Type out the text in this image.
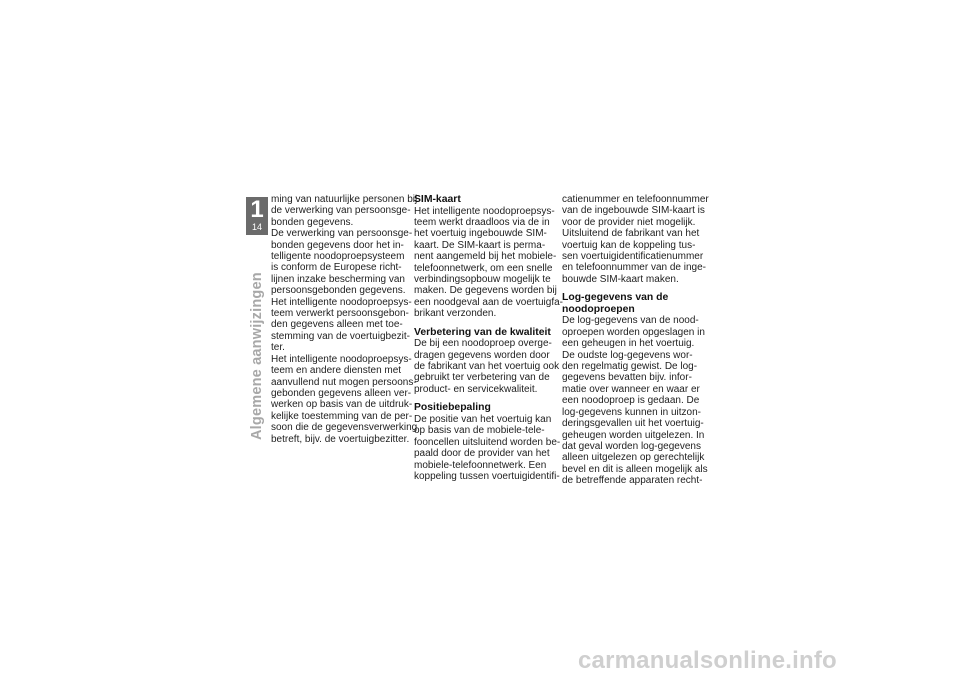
1
14
Algemene aanwijzingen

ming van natuurlijke personen bij
de verwerking van persoonsge-
bonden gegevens.

De verwerking van persoonsge-
bonden gegevens door het in-
telligente noodoproepsysteem
is conform de Europese richt-
lijnen inzake bescherming van
persoonsgebonden gegevens.

Het intelligente noodoproepsys-
teem verwerkt persoonsgebon-
den gegevens alleen met toe-
stemming van de voertuigbezit-
ter.

Het intelligente noodoproepsys-
teem en andere diensten met
aanvullend nut mogen persoons-
gebonden gegevens alleen ver-
werken op basis van de uitdruk-
kelijke toestemming van de per-
soon die de gegevensverwerking
betreft, bijv. de voertuigbezitter.

SIM-kaart

Het intelligente noodoproepsys-
teem werkt draadloos via de in
het voertuig ingebouwde SIM-
kaart. De SIM-kaart is perma-
nent aangemeld bij het mobiele-
telefoonnetwerk, om een snelle
verbindingsopbouw mogelijk te
maken. De gegevens worden bij
een noodgeval aan de voertuigfa-
brikant verzonden.

Verbetering van de kwaliteit

De bij een noodoproep overge-
dragen gegevens worden door
de fabrikant van het voertuig ook
gebruikt ter verbetering van de
product- en servicekwaliteit.

Positiebepaling

De positie van het voertuig kan
op basis van de mobiele-tele-
fooncellen uitsluitend worden be-
paald door de provider van het
mobiele-telefoonnetwerk. Een
koppeling tussen voertuigidentifi-

catienummer en telefoonnummer
van de ingebouwde SIM-kaart is
voor de provider niet mogelijk.
Uitsluitend de fabrikant van het
voertuig kan de koppeling tus-
sen voertuigidentificatienummer
en telefoonnummer van de inge-
bouwde SIM-kaart maken.

Log-gegevens van de
noodoproepen

De log-gegevens van de nood-
oproepen worden opgeslagen in
een geheugen in het voertuig.
De oudste log-gegevens wor-
den regelmatig gewist. De log-
gegevens bevatten bijv. infor-
matie over wanneer en waar er
een noodoproep is gedaan. De
log-gegevens kunnen in uitzon-
deringsgevallen uit het voertuig-
geheugen worden uitgelezen. In
dat geval worden log-gegevens
alleen uitgelezen op gerechtelijk
bevel en dit is alleen mogelijk als
de betreffende apparaten recht-

carmanualsonline.info
